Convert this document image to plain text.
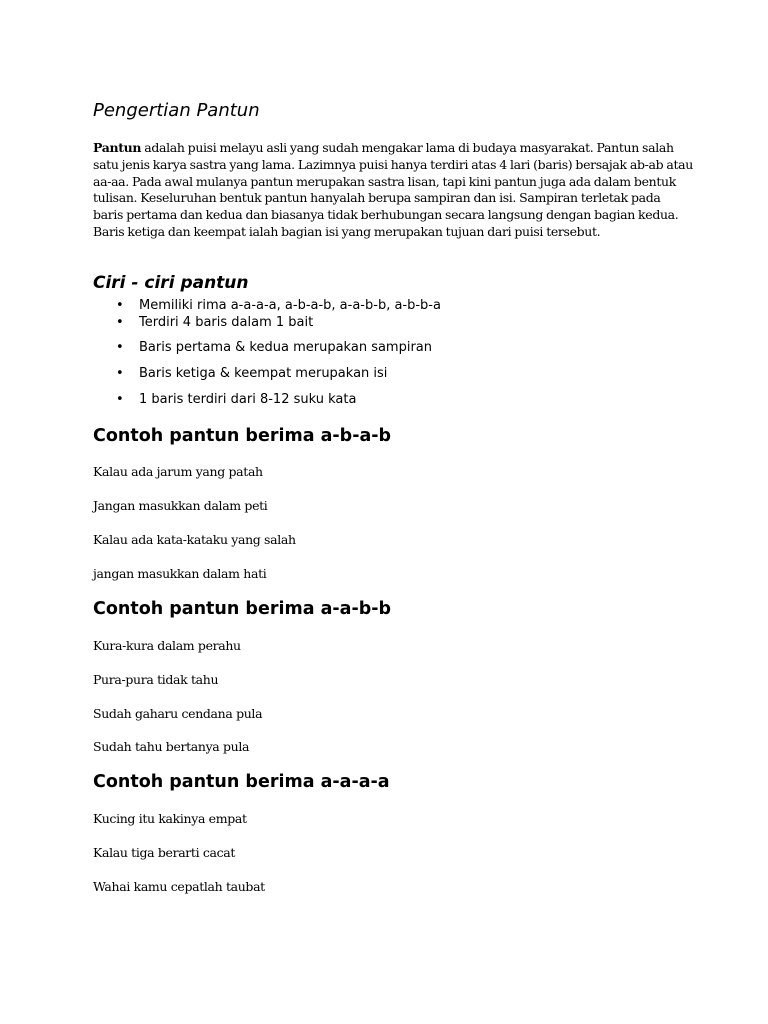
Pengertian Pantun

Pantun adalah puisi melayu asli yang sudah mengakar lama di budaya masyarakat. Pantun salah satu jenis karya sastra yang lama. Lazimnya puisi hanya terdiri atas 4 lari (baris) bersajak ab-ab atau aa-aa. Pada awal mulanya pantun merupakan sastra lisan, tapi kini pantun juga ada dalam bentuk tulisan. Keseluruhan bentuk pantun hanyalah berupa sampiran dan isi. Sampiran terletak pada baris pertama dan kedua dan biasanya tidak berhubungan secara langsung dengan bagian kedua. Baris ketiga dan keempat ialah bagian isi yang merupakan tujuan dari puisi tersebut.

Ciri - ciri pantun
• Memiliki rima a-a-a-a, a-b-a-b, a-a-b-b, a-b-b-a
• Terdiri 4 baris dalam 1 bait
• Baris pertama & kedua merupakan sampiran
• Baris ketiga & keempat merupakan isi
• 1 baris terdiri dari 8-12 suku kata
Contoh pantun berima a-b-a-b

Kalau ada jarum yang patah

Jangan masukkan dalam peti

Kalau ada kata-kataku yang salah

jangan masukkan dalam hati

Contoh pantun berima a-a-b-b

Kura-kura dalam perahu

Pura-pura tidak tahu

Sudah gaharu cendana pula

Sudah tahu bertanya pula

Contoh pantun berima a-a-a-a

Kucing itu kakinya empat

Kalau tiga berarti cacat

Wahai kamu cepatlah taubat
